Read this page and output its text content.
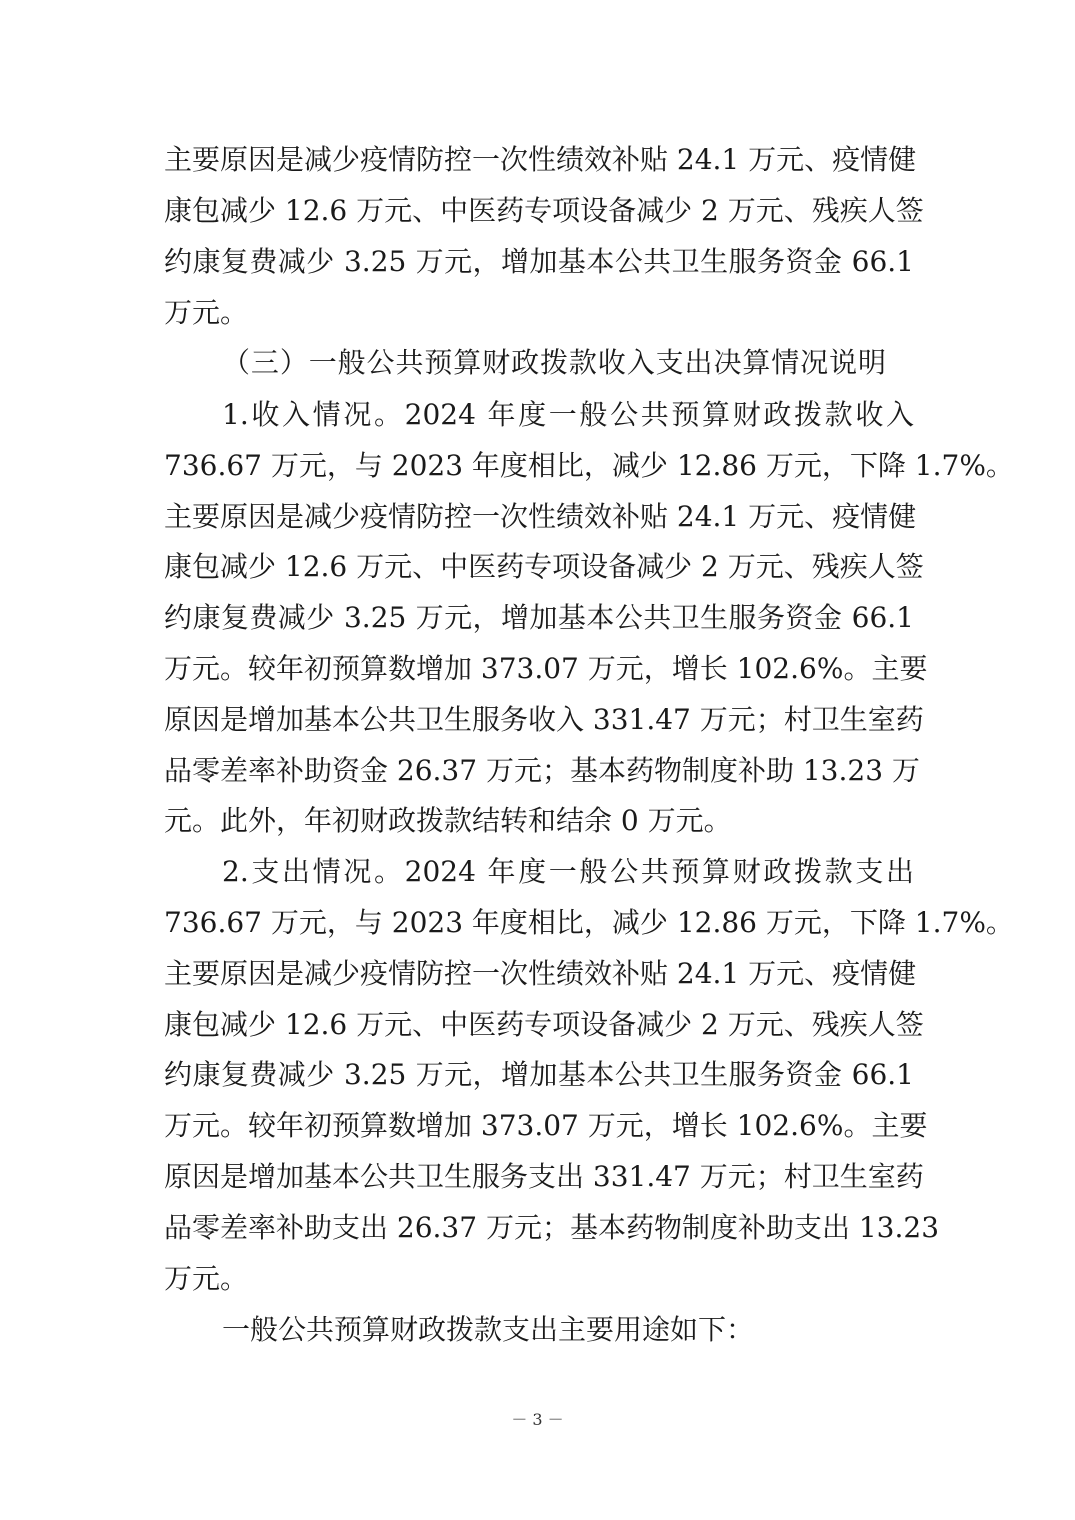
主要原因是减少疫情防控一次性绩效补贴 24.1 万元、疫情健
康包减少 12.6 万元、中医药专项设备减少 2 万元、残疾人签
约康复费减少 3.25 万元，增加基本公共卫生服务资金 66.1
万元。
（三）一般公共预算财政拨款收入支出决算情况说明
1.收入情况。2024 年度一般公共预算财政拨款收入
736.67 万元，与 2023 年度相比，减少 12.86 万元，下降 1.7%。
主要原因是减少疫情防控一次性绩效补贴 24.1 万元、疫情健
康包减少 12.6 万元、中医药专项设备减少 2 万元、残疾人签
约康复费减少 3.25 万元，增加基本公共卫生服务资金 66.1
万元。较年初预算数增加 373.07 万元，增长 102.6%。主要
原因是增加基本公共卫生服务收入 331.47 万元；村卫生室药
品零差率补助资金 26.37 万元；基本药物制度补助 13.23 万
元。此外，年初财政拨款结转和结余 0 万元。
2.支出情况。2024 年度一般公共预算财政拨款支出
736.67 万元，与 2023 年度相比，减少 12.86 万元，下降 1.7%。
主要原因是减少疫情防控一次性绩效补贴 24.1 万元、疫情健
康包减少 12.6 万元、中医药专项设备减少 2 万元、残疾人签
约康复费减少 3.25 万元，增加基本公共卫生服务资金 66.1
万元。较年初预算数增加 373.07 万元，增长 102.6%。主要
原因是增加基本公共卫生服务支出 331.47 万元；村卫生室药
品零差率补助支出 26.37 万元；基本药物制度补助支出 13.23
万元。
一般公共预算财政拨款支出主要用途如下：
－ 3 －
